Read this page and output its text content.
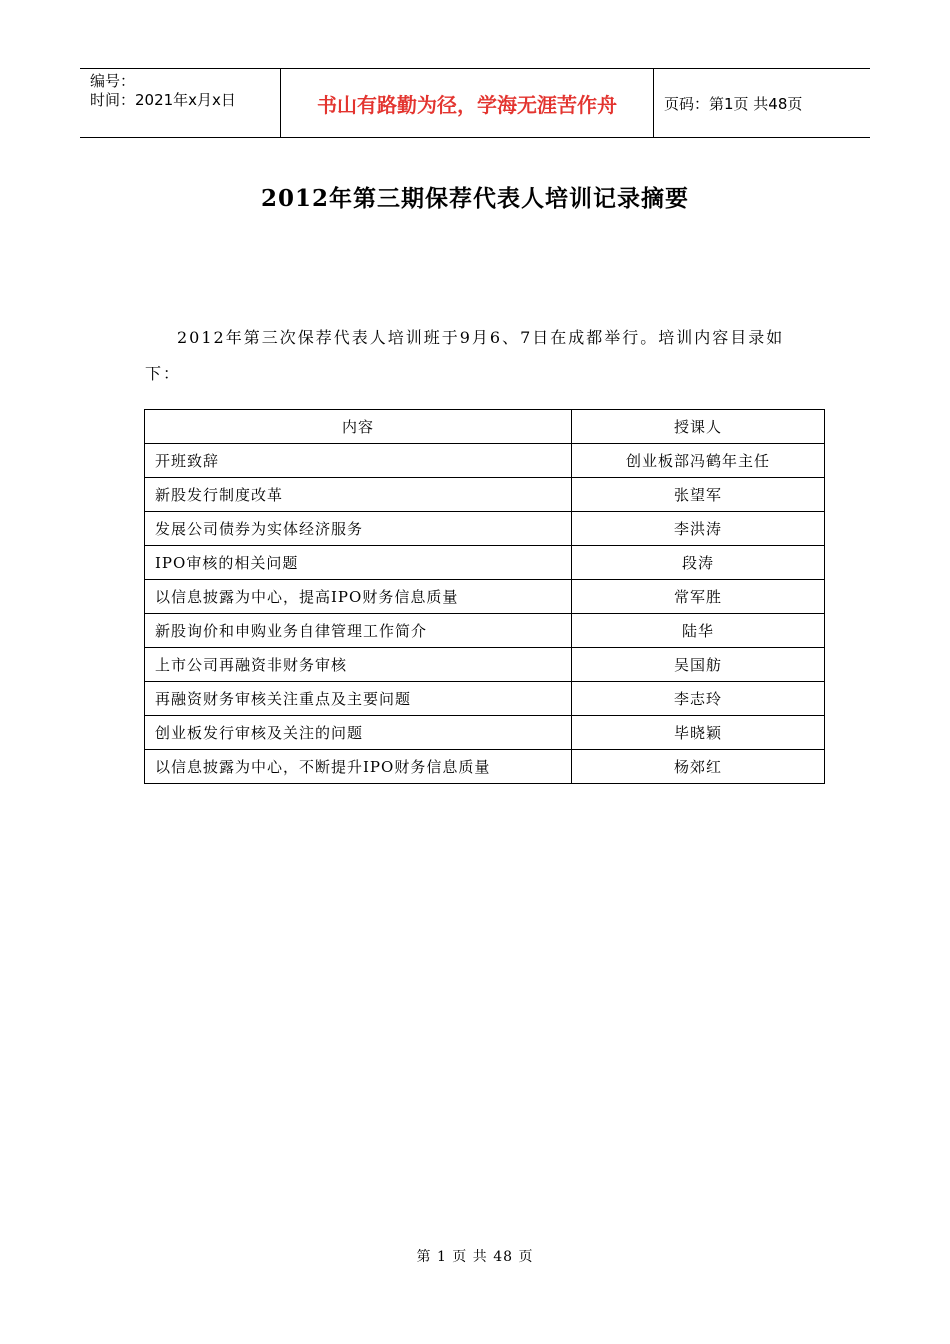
编号：
时间：2021年x月x日	书山有路勤为径，学海无涯苦作舟	页码：第1页 共48页
2012年第三期保荐代表人培训记录摘要
2012年第三次保荐代表人培训班于9月6、7日在成都举行。培训内容目录如下：
内容	授课人
开班致辞	创业板部冯鹤年主任
新股发行制度改革	张望军
发展公司债券为实体经济服务	李洪涛
IPO审核的相关问题	段涛
以信息披露为中心，提高IPO财务信息质量	常军胜
新股询价和申购业务自律管理工作简介	陆华
上市公司再融资非财务审核	吴国舫
再融资财务审核关注重点及主要问题	李志玲
创业板发行审核及关注的问题	毕晓颖
以信息披露为中心，不断提升IPO财务信息质量	杨郊红
第 1 页 共 48 页
